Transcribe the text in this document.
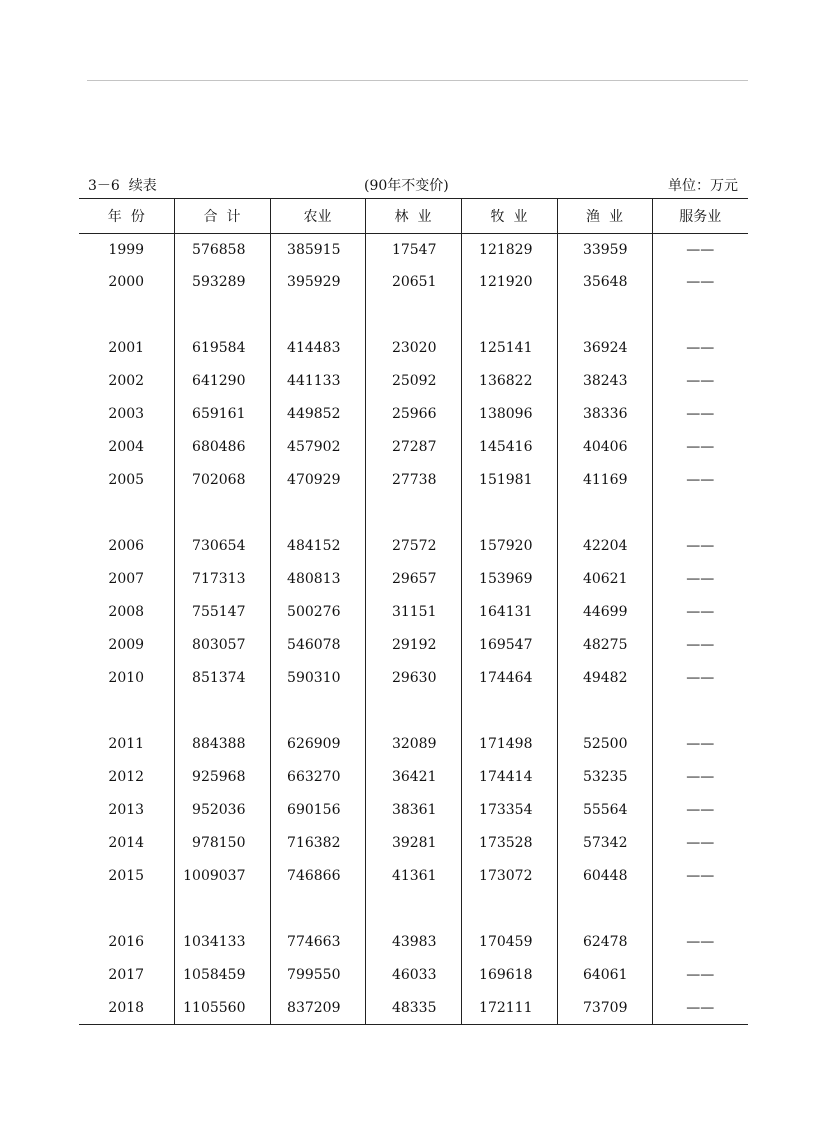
3－6  续表	(90年不变价)	单位：万元
年  份	合  计	农业	林  业	牧  业	渔  业	服务业
1999	576858	385915	17547	121829	33959	——
2000	593289	395929	20651	121920	35648	——

2001	619584	414483	23020	125141	36924	——
2002	641290	441133	25092	136822	38243	——
2003	659161	449852	25966	138096	38336	——
2004	680486	457902	27287	145416	40406	——
2005	702068	470929	27738	151981	41169	——

2006	730654	484152	27572	157920	42204	——
2007	717313	480813	29657	153969	40621	——
2008	755147	500276	31151	164131	44699	——
2009	803057	546078	29192	169547	48275	——
2010	851374	590310	29630	174464	49482	——

2011	884388	626909	32089	171498	52500	——
2012	925968	663270	36421	174414	53235	——
2013	952036	690156	38361	173354	55564	——
2014	978150	716382	39281	173528	57342	——
2015	1009037	746866	41361	173072	60448	——

2016	1034133	774663	43983	170459	62478	——
2017	1058459	799550	46033	169618	64061	——
2018	1105560	837209	48335	172111	73709	——
